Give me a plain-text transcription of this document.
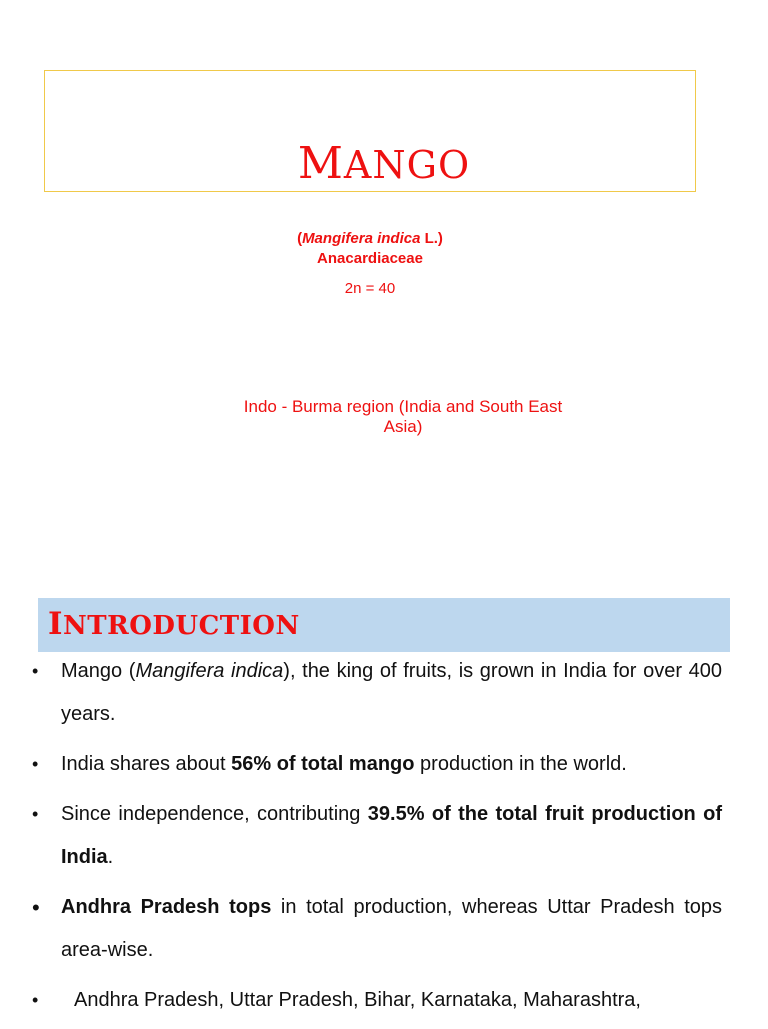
MANGO
(Mangifera indica L.)
Anacardiaceae
2n = 40
Indo - Burma region (India and South East
Asia)
INTRODUCTION
• Mango (Mangifera indica), the king of fruits, is grown in India for over 400 years.
• India shares about 56% of total mango production in the world.
• Since independence, contributing 39.5% of the total fruit production of India.
• Andhra Pradesh tops in total production, whereas Uttar Pradesh tops area-wise.
• Andhra Pradesh, Uttar Pradesh, Bihar, Karnataka, Maharashtra,
